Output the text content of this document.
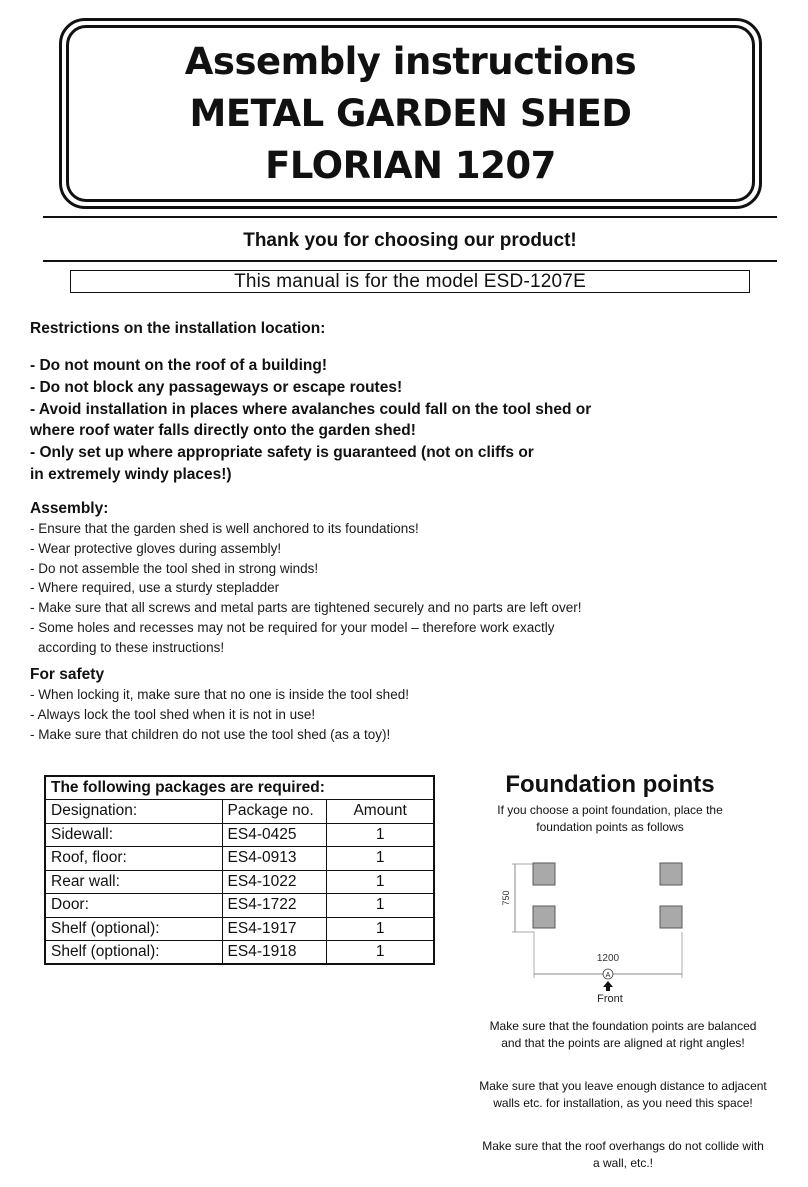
Assembly instructions
METAL GARDEN SHED
FLORIAN 1207
Thank you for choosing our product!
This manual is for the model ESD-1207E
Restrictions on the installation location:
- Do not mount on the roof of a building!
- Do not block any passageways or escape routes!
- Avoid installation in places where avalanches could fall on the tool shed or
where roof water falls directly onto the garden shed!
- Only set up where appropriate safety is guaranteed (not on cliffs or
in extremely windy places!)
Assembly:
- Ensure that the garden shed is well anchored to its foundations!
- Wear protective gloves during assembly!
- Do not assemble the tool shed in strong winds!
- Where required, use a sturdy stepladder
- Make sure that all screws and metal parts are tightened securely and no parts are left over!
- Some holes and recesses may not be required for your model – therefore work exactly
according to these instructions!
For safety
- When locking it, make sure that no one is inside the tool shed!
- Always lock the tool shed when it is not in use!
- Make sure that children do not use the tool shed (as a toy)!
The following packages are required:		
Designation:	Package no.	Amount
Sidewall:	ES4-0425	1
Roof, floor:	ES4-0913	1
Rear wall:	ES4-1022	1
Door:	ES4-1722	1
Shelf (optional):	ES4-1917	1
Shelf (optional):	ES4-1918	1
Foundation points
If you choose a point foundation, place the foundation points as follows
750
1200
A
Front
Make sure that the foundation points are balanced and that the points are aligned at right angles!
Make sure that you leave enough distance to adjacent walls etc. for installation, as you need this space!
Make sure that the roof overhangs do not collide with a wall, etc.!
